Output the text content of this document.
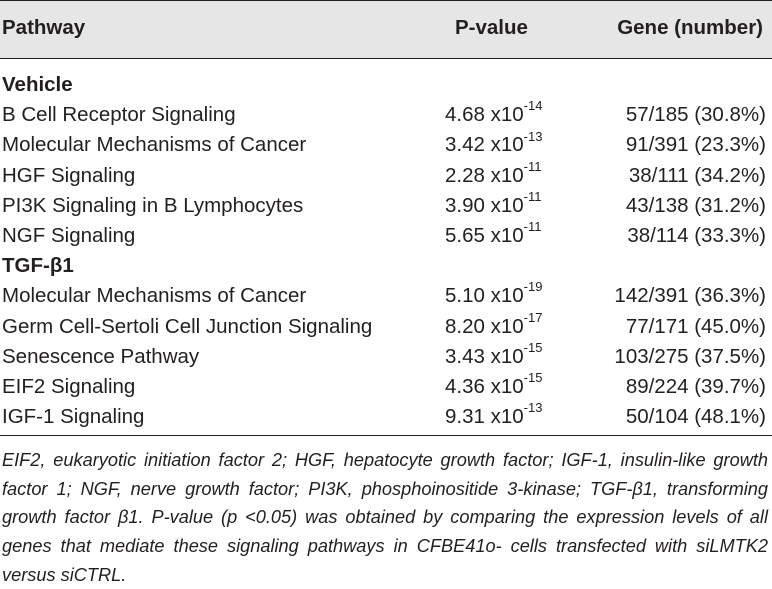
Pathway	P-value	Gene (number)
Vehicle
B Cell Receptor Signaling	4.68 $x10^{-14}$	57/185 (30.8%)
Molecular Mechanisms of Cancer	3.42 $x10^{-13}$	91/391 (23.3%)
HGF Signaling	2.28 $x10^{-11}$	38/111 (34.2%)
PI3K Signaling in B Lymphocytes	3.90 $x10^{-11}$	43/138 (31.2%)
NGF Signaling	5.65 $x10^{-11}$	38/114 (33.3%)
TGF-β1
Molecular Mechanisms of Cancer	5.10 $x10^{-19}$	142/391 (36.3%)
Germ Cell-Sertoli Cell Junction Signaling	8.20 $x10^{-17}$	77/171 (45.0%)
Senescence Pathway	3.43 $x10^{-15}$	103/275 (37.5%)
EIF2 Signaling	4.36 $x10^{-15}$	89/224 (39.7%)
IGF-1 Signaling	9.31 $x10^{-13}$	50/104 (48.1%)
EIF2, eukaryotic initiation factor 2; HGF, hepatocyte growth factor; IGF-1, insulin-like growth factor 1; NGF, nerve growth factor; PI3K, phosphoinositide 3-kinase; TGF-β1, transforming growth factor β1. P-value (p <0.05) was obtained by comparing the expression levels of all genes that mediate these signaling pathways in CFBE41o- cells transfected with siLMTK2 versus siCTRL.
